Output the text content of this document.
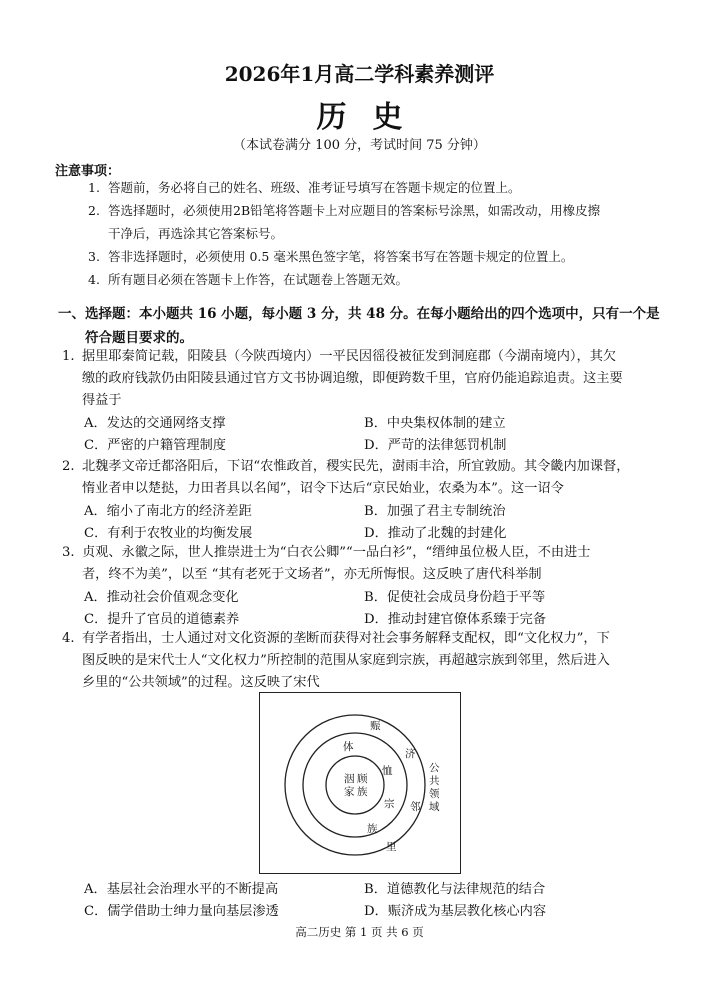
2026年1月高二学科素养测评
历史
（本试卷满分 100 分，考试时间 75 分钟）
注意事项：
1. 答题前，务必将自己的姓名、班级、准考证号填写在答题卡规定的位置上。
2. 答选择题时，必须使用2B铅笔将答题卡上对应题目的答案标号涂黑，如需改动，用橡皮擦
干净后，再选涂其它答案标号。
3. 答非选择题时，必须使用 0.5 毫米黑色签字笔，将答案书写在答题卡规定的位置上。
4. 所有题目必须在答题卡上作答，在试题卷上答题无效。
一、选择题：本小题共 16 小题，每小题 3 分，共 48 分。在每小题给出的四个选项中，只有一个是
符合题目要求的。
1. 据里耶秦简记载，阳陵县（今陕西境内）一平民因徭役被征发到洞庭郡（今湖南境内），其欠
缴的政府钱款仍由阳陵县通过官方文书协调追缴，即便跨数千里，官府仍能追踪追责。这主要
得益于
A．发达的交通网络支撑	B．中央集权体制的建立
C．严密的户籍管理制度	D．严苛的法律惩罚机制
2. 北魏孝文帝迁都洛阳后，下诏“农惟政首，稷实民先，澍雨丰洽，所宜敦励。其令畿内加课督，
惰业者申以楚挞，力田者具以名闻”，诏令下达后“京民始业，农桑为本”。这一诏令
A．缩小了南北方的经济差距	B．加强了君主专制统治
C．有利于农牧业的均衡发展	D．推动了北魏的封建化
3. 贞观、永徽之际，世人推崇进士为“白衣公卿”“一品白衫”，“缙绅虽位极人臣，不由进士
者，终不为美”，以至 “其有老死于文场者”，亦无所悔恨。这反映了唐代科举制
A．推动社会价值观念变化	B．促使社会成员身份趋于平等
C．提升了官员的道德素养	D．推动封建官僚体系臻于完备
4. 有学者指出，士人通过对文化资源的垄断而获得对社会事务解释支配权，即“文化权力”，下
图反映的是宋代士人“文化权力”所控制的范围从家庭到宗族，再超越宗族到邻里，然后进入
乡里的“公共领域”的过程。这反映了宋代
洇
家
顾
族
赈
体
济
恤
宗 邻
族
里
公
共
领
域
A．基层社会治理水平的不断提高	B．道德教化与法律规范的结合
C．儒学借助士绅力量向基层渗透	D．赈济成为基层教化核心内容
高二历史 第 1 页 共 6 页
